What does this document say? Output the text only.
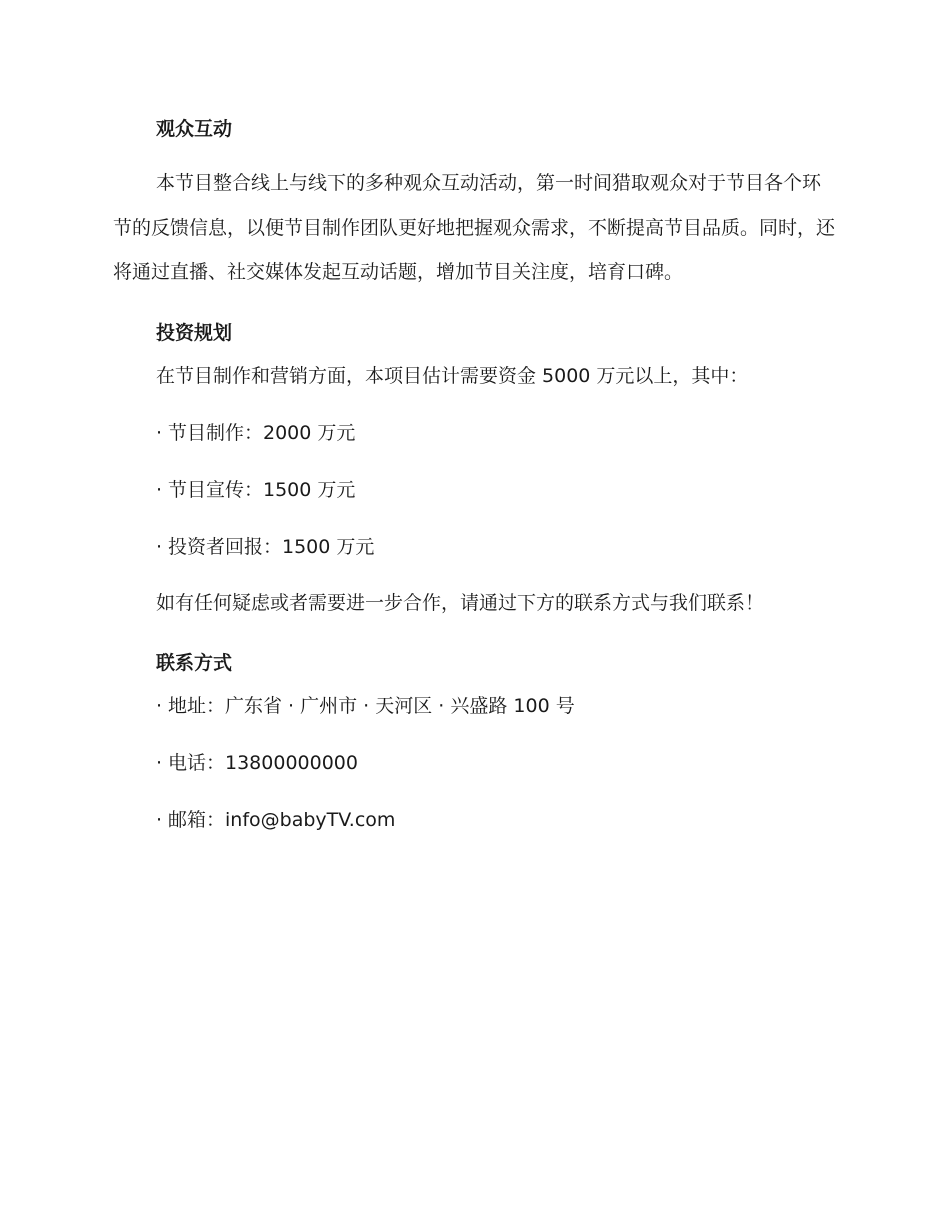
观众互动

本节目整合线上与线下的多种观众互动活动，第一时间猎取观众对于节目各个环节的反馈信息，以便节目制作团队更好地把握观众需求，不断提高节目品质。同时，还将通过直播、社交媒体发起互动话题，增加节目关注度，培育口碑。

投资规划
在节目制作和营销方面，本项目估计需要资金 5000 万元以上，其中：
· 节目制作：2000 万元
· 节目宣传：1500 万元
· 投资者回报：1500 万元

如有任何疑虑或者需要进一步合作，请通过下方的联系方式与我们联系！

联系方式
· 地址：广东省 · 广州市 · 天河区 · 兴盛路 100 号
· 电话：13800000000
· 邮箱：info@babyTV.com
